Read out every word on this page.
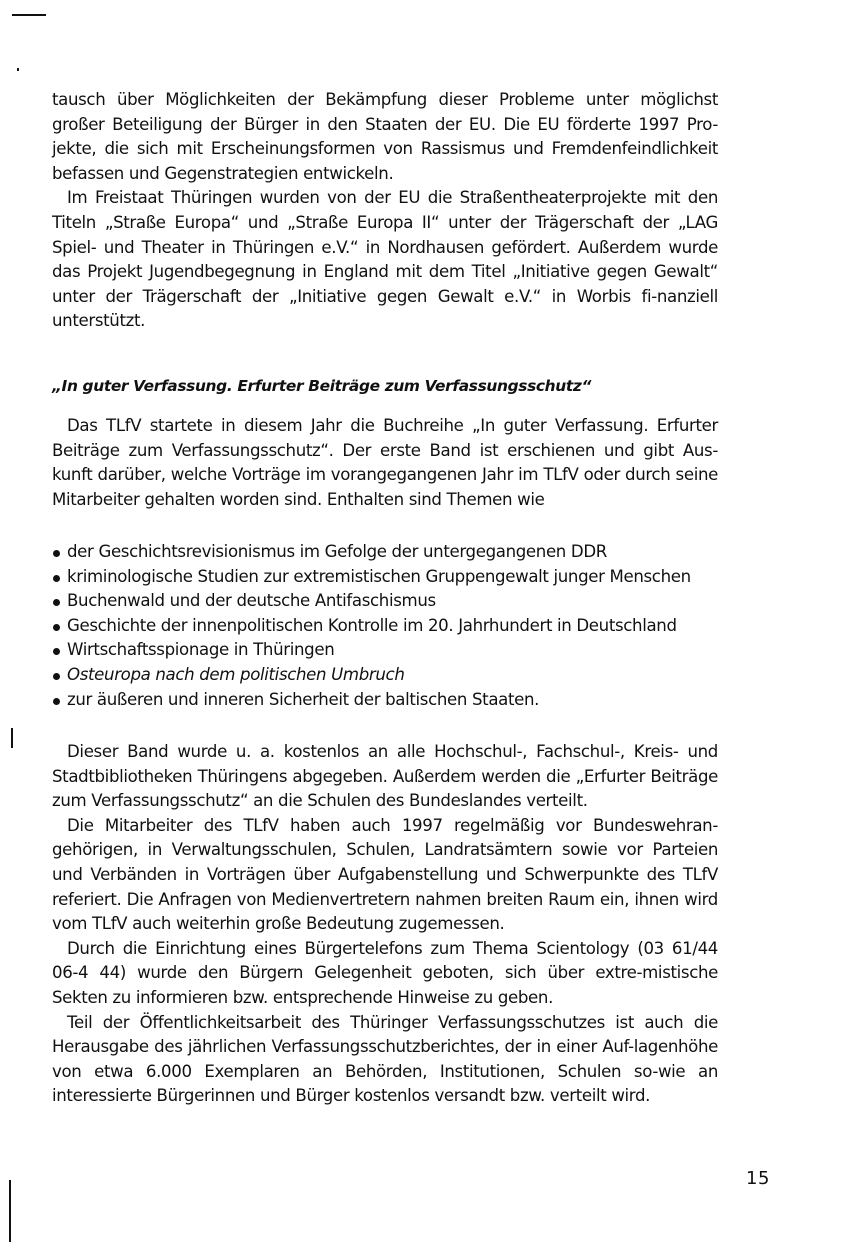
tausch über Möglichkeiten der Bekämpfung dieser Probleme unter möglichst großer Beteiligung der Bürger in den Staaten der EU. Die EU förderte 1997 Pro-jekte, die sich mit Erscheinungsformen von Rassismus und Fremdenfeindlichkeit befassen und Gegenstrategien entwickeln.

Im Freistaat Thüringen wurden von der EU die Straßentheaterprojekte mit den Titeln „Straße Europa“ und „Straße Europa II“ unter der Trägerschaft der „LAG Spiel- und Theater in Thüringen e.V.“ in Nordhausen gefördert. Außerdem wurde das Projekt Jugendbegegnung in England mit dem Titel „Initiative gegen Gewalt“ unter der Trägerschaft der „Initiative gegen Gewalt e.V.“ in Worbis fi-nanziell unterstützt.

„In guter Verfassung. Erfurter Beiträge zum Verfassungsschutz“

Das TLfV startete in diesem Jahr die Buchreihe „In guter Verfassung. Erfurter Beiträge zum Verfassungsschutz“. Der erste Band ist erschienen und gibt Aus-kunft darüber, welche Vorträge im vorangegangenen Jahr im TLfV oder durch seine Mitarbeiter gehalten worden sind. Enthalten sind Themen wie

der Geschichtsrevisionismus im Gefolge der untergegangenen DDR
kriminologische Studien zur extremistischen Gruppengewalt junger Menschen
Buchenwald und der deutsche Antifaschismus
Geschichte der innenpolitischen Kontrolle im 20. Jahrhundert in Deutschland
Wirtschaftsspionage in Thüringen
Osteuropa nach dem politischen Umbruch
zur äußeren und inneren Sicherheit der baltischen Staaten.

Dieser Band wurde u. a. kostenlos an alle Hochschul-, Fachschul-, Kreis- und Stadtbibliotheken Thüringens abgegeben. Außerdem werden die „Erfurter Beiträge zum Verfassungsschutz“ an die Schulen des Bundeslandes verteilt.

Die Mitarbeiter des TLfV haben auch 1997 regelmäßig vor Bundeswehran-gehörigen, in Verwaltungsschulen, Schulen, Landratsämtern sowie vor Parteien und Verbänden in Vorträgen über Aufgabenstellung und Schwerpunkte des TLfV referiert. Die Anfragen von Medienvertretern nahmen breiten Raum ein, ihnen wird vom TLfV auch weiterhin große Bedeutung zugemessen.

Durch die Einrichtung eines Bürgertelefons zum Thema Scientology (03 61/44 06-4 44) wurde den Bürgern Gelegenheit geboten, sich über extre-mistische Sekten zu informieren bzw. entsprechende Hinweise zu geben.

Teil der Öffentlichkeitsarbeit des Thüringer Verfassungsschutzes ist auch die Herausgabe des jährlichen Verfassungsschutzberichtes, der in einer Auf-lagenhöhe von etwa 6.000 Exemplaren an Behörden, Institutionen, Schulen so-wie an interessierte Bürgerinnen und Bürger kostenlos versandt bzw. verteilt wird.

15
